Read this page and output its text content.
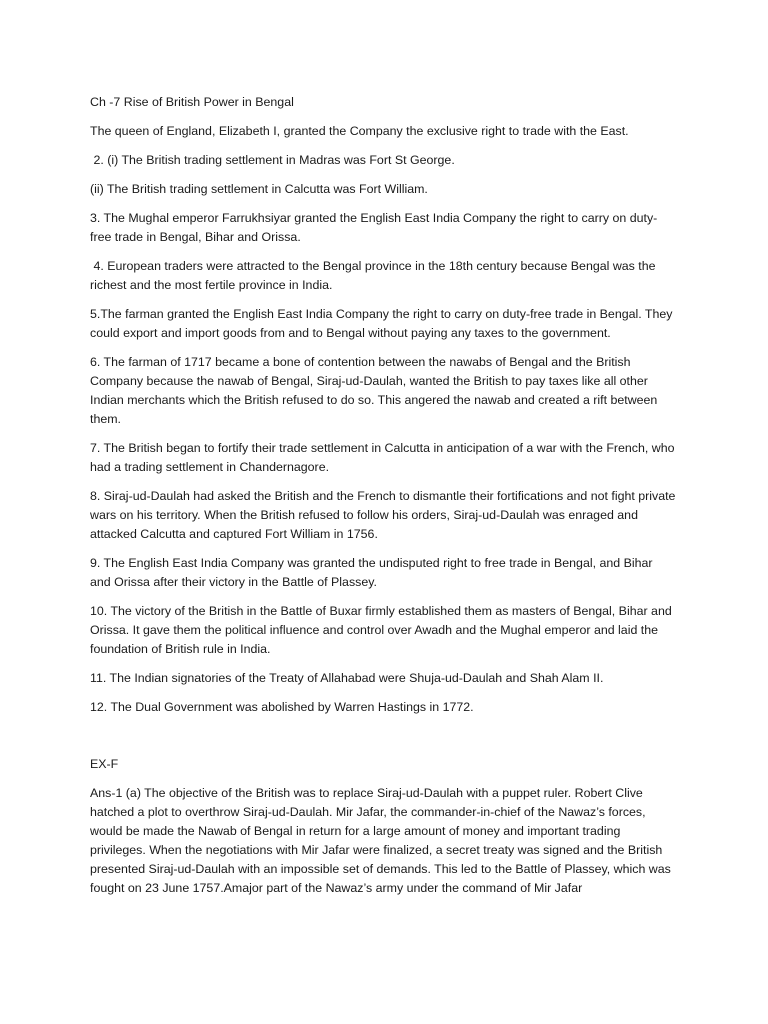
Ch -7 Rise of British Power in Bengal

The queen of England, Elizabeth I, granted the Company the exclusive right to trade with the East.

2. (i) The British trading settlement in Madras was Fort St George.

(ii) The British trading settlement in Calcutta was Fort William.

3. The Mughal emperor Farrukhsiyar granted the English East India Company the right to carry on duty-free trade in Bengal, Bihar and Orissa.

4. European traders were attracted to the Bengal province in the 18th century because Bengal was the richest and the most fertile province in India.

5.The farman granted the English East India Company the right to carry on duty-free trade in Bengal. They could export and import goods from and to Bengal without paying any taxes to the government.

6. The farman of 1717 became a bone of contention between the nawabs of Bengal and the British Company because the nawab of Bengal, Siraj-ud-Daulah, wanted the British to pay taxes like all other Indian merchants which the British refused to do so. This angered the nawab and created a rift between them.

7. The British began to fortify their trade settlement in Calcutta in anticipation of a war with the French, who had a trading settlement in Chandernagore.

8. Siraj-ud-Daulah had asked the British and the French to dismantle their fortifications and not fight private wars on his territory. When the British refused to follow his orders, Siraj-ud-Daulah was enraged and attacked Calcutta and captured Fort William in 1756.

9. The English East India Company was granted the undisputed right to free trade in Bengal, and Bihar and Orissa after their victory in the Battle of Plassey.

10. The victory of the British in the Battle of Buxar firmly established them as masters of Bengal, Bihar and Orissa. It gave them the political influence and control over Awadh and the Mughal emperor and laid the foundation of British rule in India.

11. The Indian signatories of the Treaty of Allahabad were Shuja-ud-Daulah and Shah Alam II.

12. The Dual Government was abolished by Warren Hastings in 1772.

EX-F

Ans-1 (a) The objective of the British was to replace Siraj-ud-Daulah with a puppet ruler. Robert Clive hatched a plot to overthrow Siraj-ud-Daulah. Mir Jafar, the commander-in-chief of the Nawaz’s forces, would be made the Nawab of Bengal in return for a large amount of money and important trading privileges. When the negotiations with Mir Jafar were finalized, a secret treaty was signed and the British presented Siraj-ud-Daulah with an impossible set of demands. This led to the Battle of Plassey, which was fought on 23 June 1757.Amajor part of the Nawaz’s army under the command of Mir Jafar
